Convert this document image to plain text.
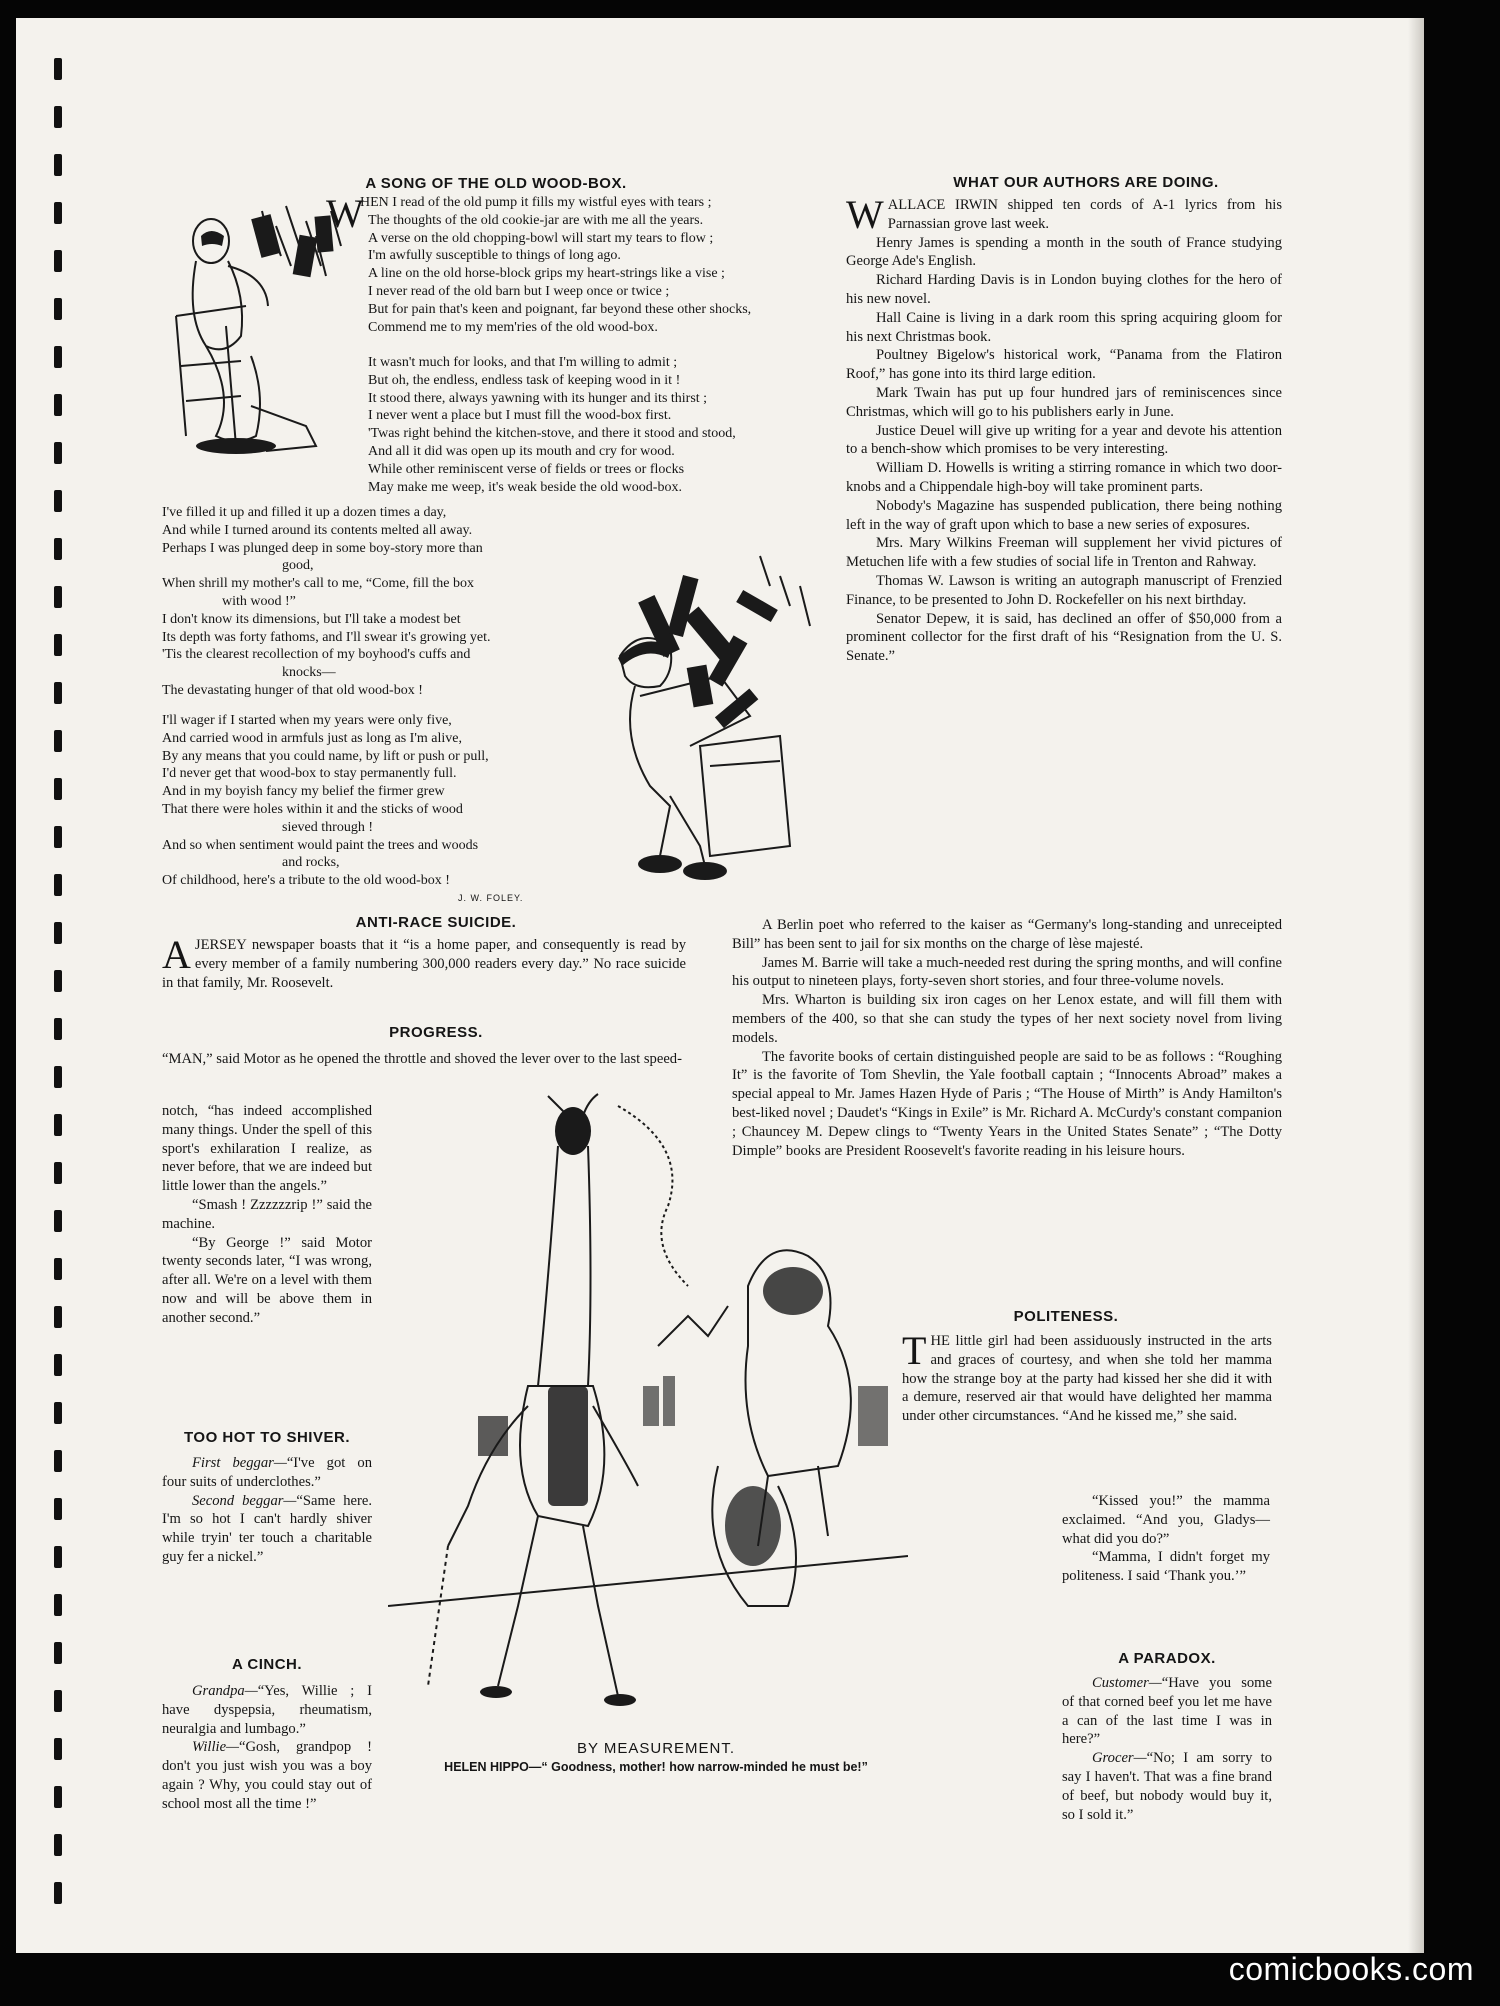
A SONG OF THE OLD WOOD-BOX.
W
HEN I read of the old pump it fills my wistful eyes with tears ;
The thoughts of the old cookie-jar are with me all the years.
A verse on the old chopping-bowl will start my tears to flow ;
I'm awfully susceptible to things of long ago.
A line on the old horse-block grips my heart-strings like a vise ;
I never read of the old barn but I weep once or twice ;
But for pain that's keen and poignant, far beyond these other shocks,
Commend me to my mem'ries of the old wood-box.
It wasn't much for looks, and that I'm willing to admit ;
But oh, the endless, endless task of keeping wood in it !
It stood there, always yawning with its hunger and its thirst ;
I never went a place but I must fill the wood-box first.
'Twas right behind the kitchen-stove, and there it stood and stood,
And all it did was open up its mouth and cry for wood.
While other reminiscent verse of fields or trees or flocks
May make me weep, it's weak beside the old wood-box.
I've filled it up and filled it up a dozen times a day,
And while I turned around its contents melted all away.
Perhaps I was plunged deep in some boy-story more than
good,
When shrill my mother's call to me, “Come, fill the box
with wood !”
I don't know its dimensions, but I'll take a modest bet
Its depth was forty fathoms, and I'll swear it's growing yet.
'Tis the clearest recollection of my boyhood's cuffs and
knocks—
The devastating hunger of that old wood-box !
I'll wager if I started when my years were only five,
And carried wood in armfuls just as long as I'm alive,
By any means that you could name, by lift or push or pull,
I'd never get that wood-box to stay permanently full.
And in my boyish fancy my belief the firmer grew
That there were holes within it and the sticks of wood
sieved through !
And so when sentiment would paint the trees and woods
and rocks,
Of childhood, here's a tribute to the old wood-box !
J. W. FOLEY.
ANTI-RACE SUICIDE.

AJERSEY newspaper boasts that it “is a home paper, and consequently is read by every member of a family numbering 300,000 readers every day.” No race suicide in that family, Mr. Roosevelt.

PROGRESS.

“MAN,” said Motor as he opened the throttle and shoved the lever over to the last speed-

notch, “has indeed accomplished many things. Under the spell of this sport's exhilaration I realize, as never before, that we are indeed but little lower than the angels.”

“Smash ! Zzzzzzrip !” said the machine.

“By George !” said Motor twenty seconds later, “I was wrong, after all. We're on a level with them now and will be above them in another second.”

TOO HOT TO SHIVER.

First beggar—“I've got on four suits of underclothes.”

Second beggar—“Same here. I'm so hot I can't hardly shiver while tryin' ter touch a charitable guy fer a nickel.”

A CINCH.

Grandpa—“Yes, Willie ; I have dyspepsia, rheumatism, neuralgia and lumbago.”

Willie—“Gosh, grandpop ! don't you just wish you was a boy again ? Why, you could stay out of school most all the time !”

BY MEASUREMENT.
HELEN HIPPO—“ Goodness, mother! how narrow-minded he must be!”
WHAT OUR AUTHORS ARE DOING.

WALLACE IRWIN shipped ten cords of A-1 lyrics from his Parnassian grove last week.

Henry James is spending a month in the south of France studying George Ade's English.

Richard Harding Davis is in London buying clothes for the hero of his new novel.

Hall Caine is living in a dark room this spring acquiring gloom for his next Christmas book.

Poultney Bigelow's historical work, “Panama from the Flatiron Roof,” has gone into its third large edition.

Mark Twain has put up four hundred jars of reminiscences since Christmas, which will go to his publishers early in June.

Justice Deuel will give up writing for a year and devote his attention to a bench-show which promises to be very interesting.

William D. Howells is writing a stirring romance in which two door-knobs and a Chippendale high-boy will take prominent parts.

Nobody's Magazine has suspended publication, there being nothing left in the way of graft upon which to base a new series of exposures.

Mrs. Mary Wilkins Freeman will supplement her vivid pictures of Metuchen life with a few studies of social life in Trenton and Rahway.

Thomas W. Lawson is writing an autograph manuscript of Frenzied Finance, to be presented to John D. Rockefeller on his next birthday.

Senator Depew, it is said, has declined an offer of $50,000 from a prominent collector for the first draft of his “Resignation from the U. S. Senate.”

A Berlin poet who referred to the kaiser as “Germany's long-standing and unreceipted Bill” has been sent to jail for six months on the charge of lèse majesté.

James M. Barrie will take a much-needed rest during the spring months, and will confine his output to nineteen plays, forty-seven short stories, and four three-volume novels.

Mrs. Wharton is building six iron cages on her Lenox estate, and will fill them with members of the 400, so that she can study the types of her next society novel from living models.

The favorite books of certain distinguished people are said to be as follows : “Roughing It” is the favorite of Tom Shevlin, the Yale football captain ; “Innocents Abroad” makes a special appeal to Mr. James Hazen Hyde of Paris ; “The House of Mirth” is Andy Hamilton's best-liked novel ; Daudet's “Kings in Exile” is Mr. Richard A. McCurdy's constant companion ; Chauncey M. Depew clings to “Twenty Years in the United States Senate” ; “The Dotty Dimple” books are President Roosevelt's favorite reading in his leisure hours.

POLITENESS.

THE little girl had been assiduously instructed in the arts and graces of courtesy, and when she told her mamma how the strange boy at the party had kissed her she did it with a demure, reserved air that would have delighted her mamma under other circumstances. “And he kissed me,” she said.

“Kissed you!” the mamma exclaimed. “And you, Gladys—what did you do?”

“Mamma, I didn't forget my politeness. I said ‘Thank you.’”

A PARADOX.

Customer—“Have you some of that corned beef you let me have a can of the last time I was in here?”

Grocer—“No; I am sorry to say I haven't. That was a fine brand of beef, but nobody would buy it, so I sold it.”

comicbooks.com
